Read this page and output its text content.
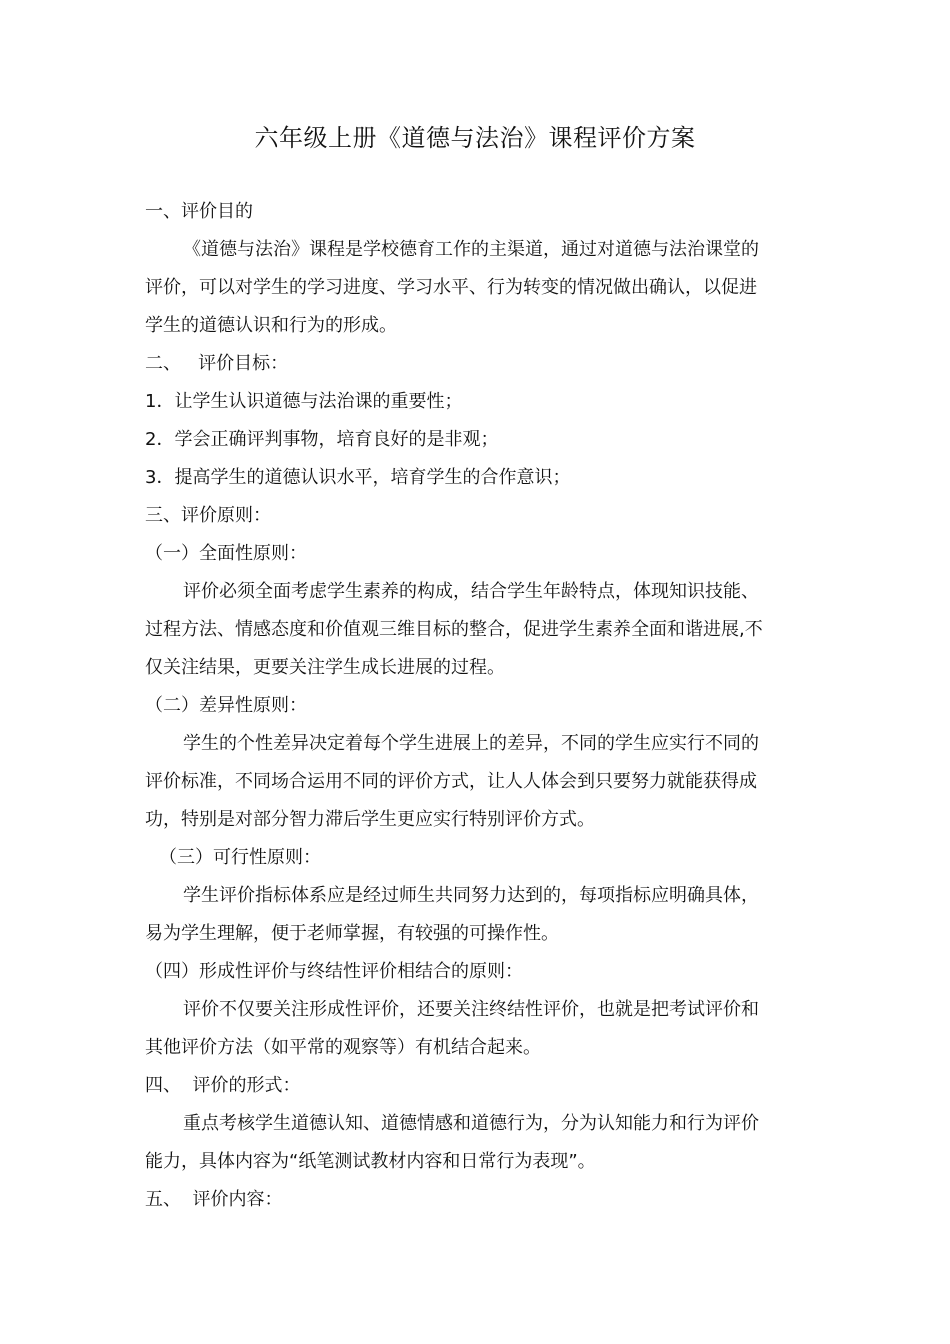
六年级上册《道德与法治》课程评价方案
一、评价目的
《道德与法治》课程是学校德育工作的主渠道，通过对道德与法治课堂的
评价，可以对学生的学习进度、学习水平、行为转变的情况做出确认，以促进
学生的道德认识和行为的形成。
二、   评价目标：
1．让学生认识道德与法治课的重要性；
2．学会正确评判事物，培育良好的是非观；
3．提高学生的道德认识水平，培育学生的合作意识；
三、评价原则：
（一）全面性原则：
评价必须全面考虑学生素养的构成，结合学生年龄特点，体现知识技能、
过程方法、情感态度和价值观三维目标的整合，促进学生素养全面和谐进展,不
仅关注结果，更要关注学生成长进展的过程。
（二）差异性原则：
学生的个性差异决定着每个学生进展上的差异，不同的学生应实行不同的
评价标准，不同场合运用不同的评价方式，让人人体会到只要努力就能获得成
功，特别是对部分智力滞后学生更应实行特别评价方式。
（三）可行性原则：
学生评价指标体系应是经过师生共同努力达到的，每项指标应明确具体，
易为学生理解，便于老师掌握，有较强的可操作性。
（四）形成性评价与终结性评价相结合的原则：
评价不仅要关注形成性评价，还要关注终结性评价，也就是把考试评价和
其他评价方法（如平常的观察等）有机结合起来。
四、  评价的形式：
重点考核学生道德认知、道德情感和道德行为，分为认知能力和行为评价
能力，具体内容为“纸笔测试教材内容和日常行为表现”。
五、  评价内容：
